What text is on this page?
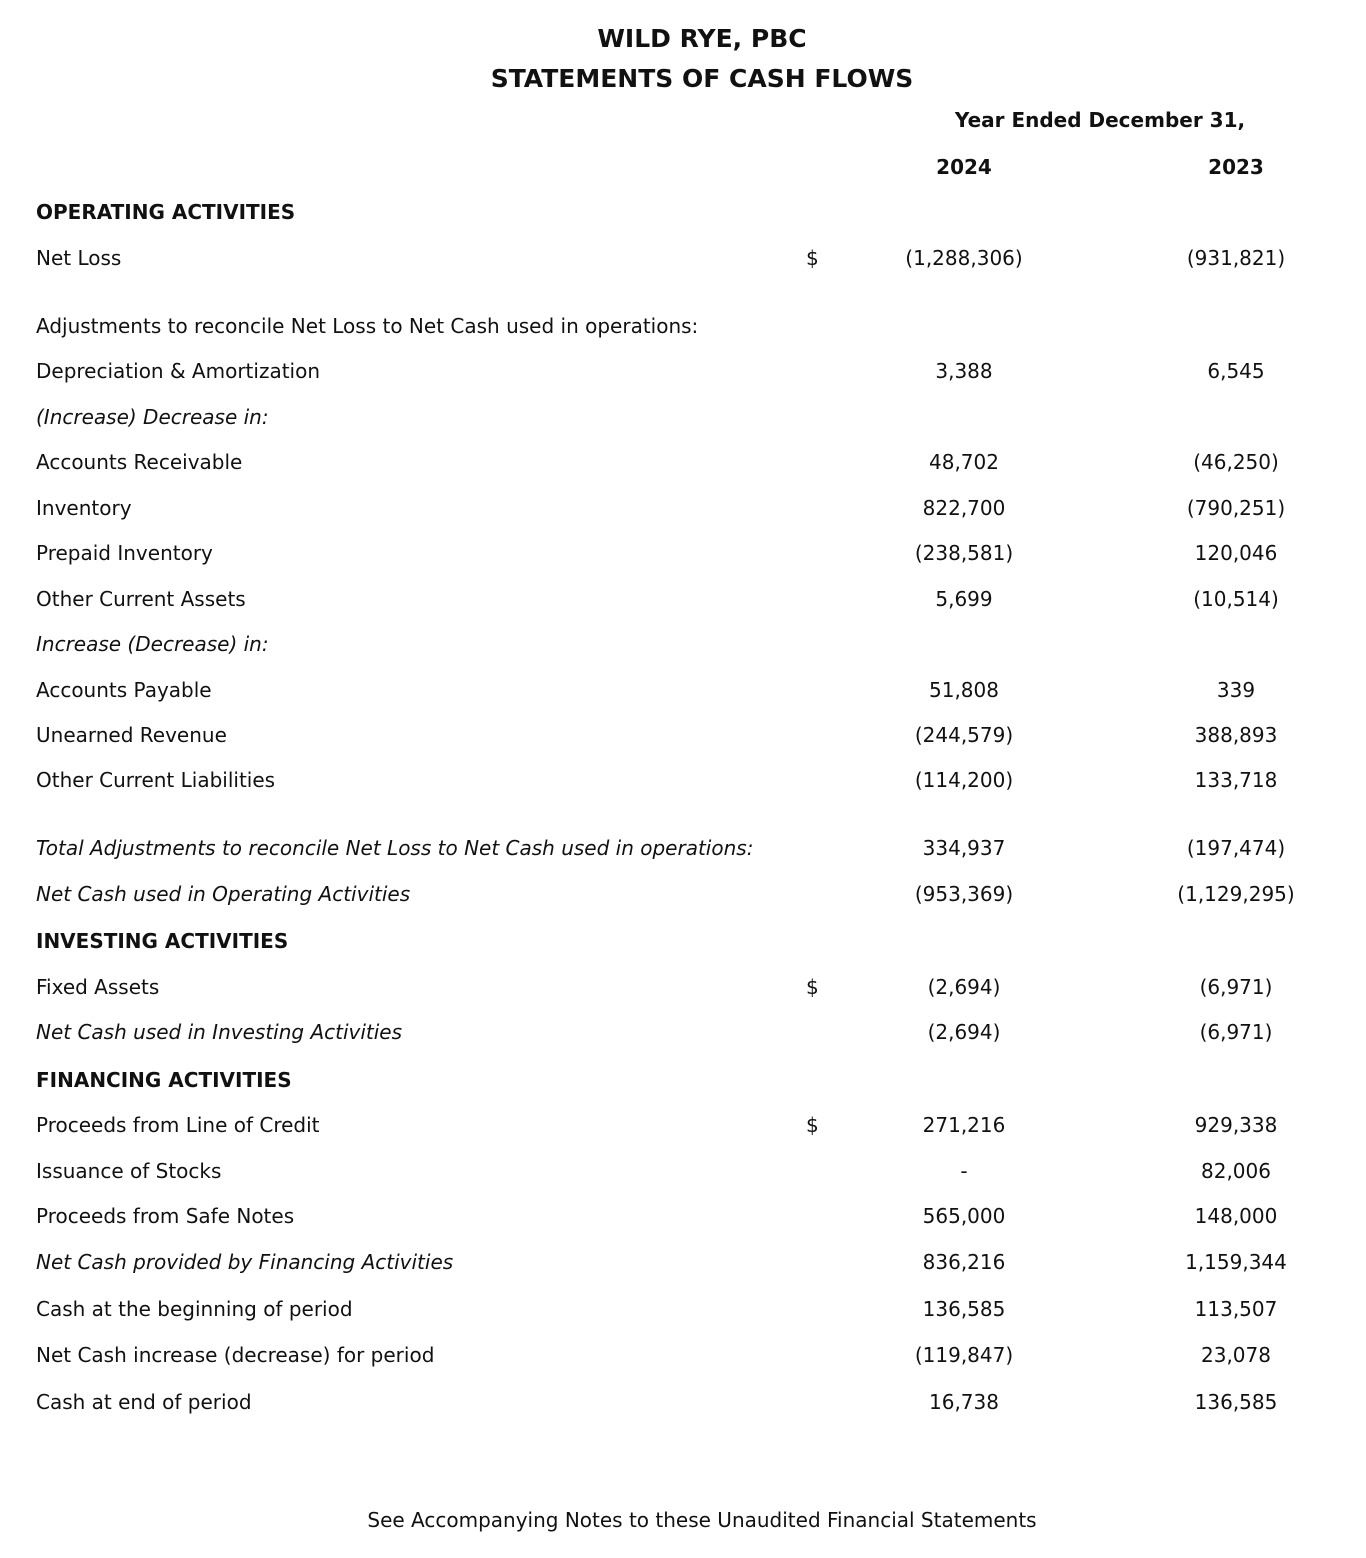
WILD RYE, PBC
STATEMENTS OF CASH FLOWS
Year Ended December 31,
2024	2023
OPERATING ACTIVITIES
Net Loss	$	(1,288,306)	(931,821)
Adjustments to reconcile Net Loss to Net Cash used in operations:
Depreciation & Amortization	3,388	6,545
(Increase) Decrease in:
Accounts Receivable	48,702	(46,250)
Inventory	822,700	(790,251)
Prepaid Inventory	(238,581)	120,046
Other Current Assets	5,699	(10,514)
Increase (Decrease) in:
Accounts Payable	51,808	339
Unearned Revenue	(244,579)	388,893
Other Current Liabilities	(114,200)	133,718
Total Adjustments to reconcile Net Loss to Net Cash used in operations:	334,937	(197,474)
Net Cash used in Operating Activities	(953,369)	(1,129,295)
INVESTING ACTIVITIES
Fixed Assets	$	(2,694)	(6,971)
Net Cash used in Investing Activities	(2,694)	(6,971)
FINANCING ACTIVITIES
Proceeds from Line of Credit	$	271,216	929,338
Issuance of Stocks	-	82,006
Proceeds from Safe Notes	565,000	148,000
Net Cash provided by Financing Activities	836,216	1,159,344
Cash at the beginning of period	136,585	113,507
Net Cash increase (decrease) for period	(119,847)	23,078
Cash at end of period	16,738	136,585
See Accompanying Notes to these Unaudited Financial Statements
